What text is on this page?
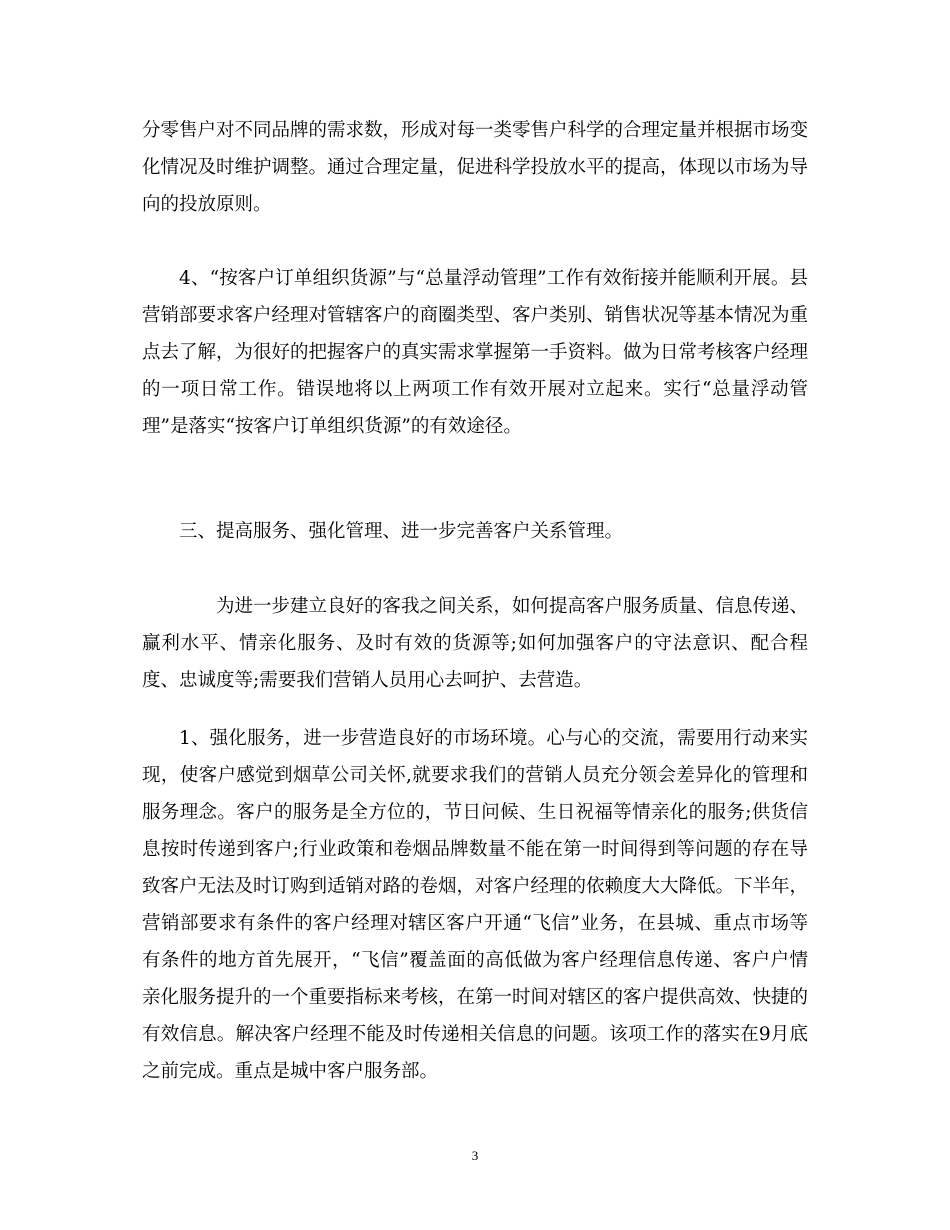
分零售户对不同品牌的需求数，形成对每一类零售户科学的合理定量并根据市场变化情况及时维护调整。通过合理定量，促进科学投放水平的提高，体现以市场为导向的投放原则。

4、“按客户订单组织货源”与“总量浮动管理”工作有效衔接并能顺利开展。县营销部要求客户经理对管辖客户的商圈类型、客户类别、销售状况等基本情况为重点去了解，为很好的把握客户的真实需求掌握第一手资料。做为日常考核客户经理的一项日常工作。错误地将以上两项工作有效开展对立起来。实行“总量浮动管理”是落实“按客户订单组织货源”的有效途径。

三、提高服务、强化管理、进一步完善客户关系管理。

为进一步建立良好的客我之间关系，如何提高客户服务质量、信息传递、赢利水平、情亲化服务、及时有效的货源等;如何加强客户的守法意识、配合程度、忠诚度等;需要我们营销人员用心去呵护、去营造。

1、强化服务，进一步营造良好的市场环境。心与心的交流，需要用行动来实现，使客户感觉到烟草公司关怀,就要求我们的营销人员充分领会差异化的管理和服务理念。客户的服务是全方位的，节日问候、生日祝福等情亲化的服务;供货信息按时传递到客户;行业政策和卷烟品牌数量不能在第一时间得到等问题的存在导致客户无法及时订购到适销对路的卷烟，对客户经理的依赖度大大降低。下半年，营销部要求有条件的客户经理对辖区客户开通“飞信”业务，在县城、重点市场等有条件的地方首先展开，“飞信”覆盖面的高低做为客户经理信息传递、客户户情亲化服务提升的一个重要指标来考核，在第一时间对辖区的客户提供高效、快捷的有效信息。解决客户经理不能及时传递相关信息的问题。该项工作的落实在9月底之前完成。重点是城中客户服务部。

3
